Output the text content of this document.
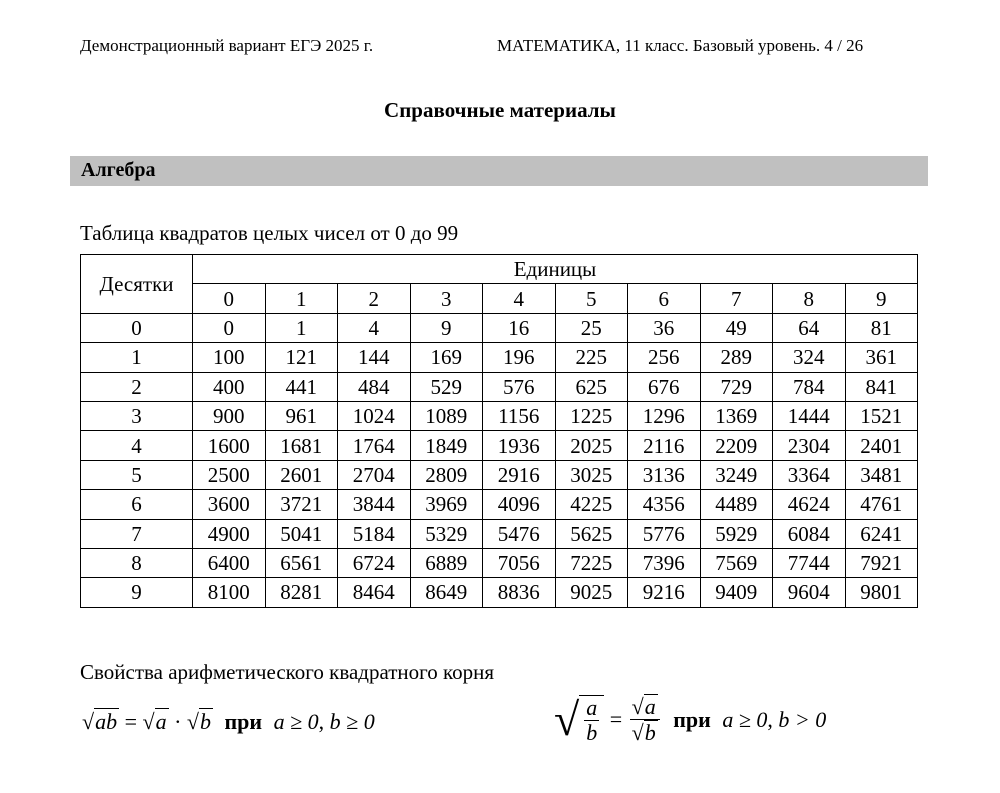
Демонстрационный вариант ЕГЭ 2025 г.	МАТЕМАТИКА, 11 класс. Базовый уровень. 4 / 26
Справочные материалы
Алгебра
Таблица квадратов целых чисел от 0 до 99
Десятки	Единицы									
	0	1	2	3	4	5	6	7	8	9
0	0	1	4	9	16	25	36	49	64	81
1	100	121	144	169	196	225	256	289	324	361
2	400	441	484	529	576	625	676	729	784	841
3	900	961	1024	1089	1156	1225	1296	1369	1444	1521
4	1600	1681	1764	1849	1936	2025	2116	2209	2304	2401
5	2500	2601	2704	2809	2916	3025	3136	3249	3364	3481
6	3600	3721	3844	3969	4096	4225	4356	4489	4624	4761
7	4900	5041	5184	5329	5476	5625	5776	5929	6084	6241
8	6400	6561	6724	6889	7056	7225	7396	7569	7744	7921
9	8100	8281	8464	8649	8836	9025	9216	9409	9604	9801
Свойства арифметического квадратного корня
√ab = √a · √b при a ≥ 0, b ≥ 0	√ $\frac{a}{b} = \frac{√a}{√b}$ при a ≥ 0, b > 0
